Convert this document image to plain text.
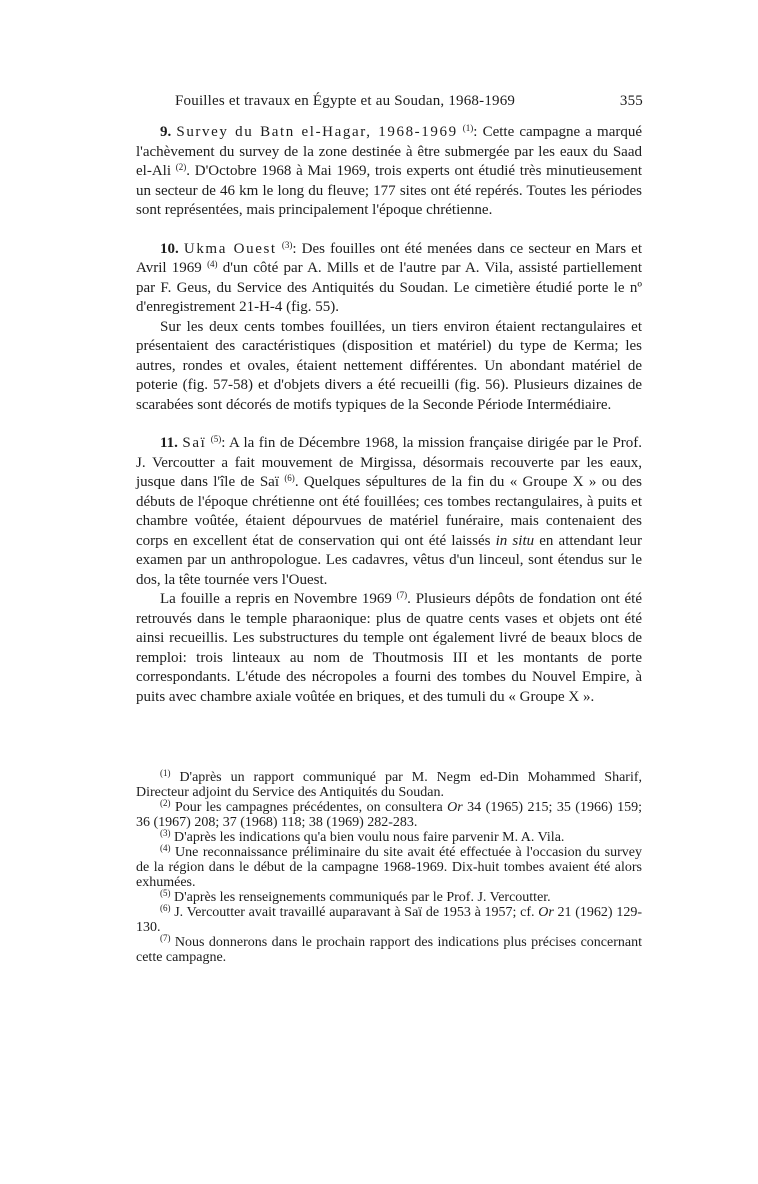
Fouilles et travaux en Égypte et au Soudan, 1968-1969	355

9. Survey du Batn el-Hagar, 1968-1969 $^{(1)}$: Cette campagne a marqué l'achèvement du survey de la zone destinée à être submergée par les eaux du Saad el-Ali $^{(2)}$. D'Octobre 1968 à Mai 1969, trois experts ont étudié très minutieusement un secteur de 46 km le long du fleuve; 177 sites ont été repérés. Toutes les périodes sont représentées, mais principalement l'époque chrétienne.

10. Ukma Ouest $^{(3)}$: Des fouilles ont été menées dans ce secteur en Mars et Avril 1969 $^{(4)}$ d'un côté par A. Mills et de l'autre par A. Vila, assisté partiellement par F. Geus, du Service des Antiquités du Soudan. Le cimetière étudié porte le nº d'enregistrement 21-H-4 (fig. 55).

Sur les deux cents tombes fouillées, un tiers environ étaient rectangulaires et présentaient des caractéristiques (disposition et matériel) du type de Kerma; les autres, rondes et ovales, étaient nettement différentes. Un abondant matériel de poterie (fig. 57-58) et d'objets divers a été recueilli (fig. 56). Plusieurs dizaines de scarabées sont décorés de motifs typiques de la Seconde Période Intermédiaire.

11. Saï $^{(5)}$: A la fin de Décembre 1968, la mission française dirigée par le Prof. J. Vercoutter a fait mouvement de Mirgissa, désormais recouverte par les eaux, jusque dans l'île de Saï $^{(6)}$. Quelques sépultures de la fin du « Groupe X » ou des débuts de l'époque chrétienne ont été fouillées; ces tombes rectangulaires, à puits et chambre voûtée, étaient dépourvues de matériel funéraire, mais contenaient des corps en excellent état de conservation qui ont été laissés in situ en attendant leur examen par un anthropologue. Les cadavres, vêtus d'un linceul, sont étendus sur le dos, la tête tournée vers l'Ouest.

La fouille a repris en Novembre 1969 $^{(7)}$. Plusieurs dépôts de fondation ont été retrouvés dans le temple pharaonique: plus de quatre cents vases et objets ont été ainsi recueillis. Les substructures du temple ont également livré de beaux blocs de remploi: trois linteaux au nom de Thoutmosis III et les montants de porte correspondants. L'étude des nécropoles a fourni des tombes du Nouvel Empire, à puits avec chambre axiale voûtée en briques, et des tumuli du « Groupe X ».

$^{(1)}$ D'après un rapport communiqué par M. Negm ed-Din Mohammed Sharif, Directeur adjoint du Service des Antiquités du Soudan.

$^{(2)}$ Pour les campagnes précédentes, on consultera Or 34 (1965) 215; 35 (1966) 159; 36 (1967) 208; 37 (1968) 118; 38 (1969) 282-283.

$^{(3)}$ D'après les indications qu'a bien voulu nous faire parvenir M. A. Vila.

$^{(4)}$ Une reconnaissance préliminaire du site avait été effectuée à l'occasion du survey de la région dans le début de la campagne 1968-1969. Dix-huit tombes avaient été alors exhumées.

$^{(5)}$ D'après les renseignements communiqués par le Prof. J. Vercoutter.

$^{(6)}$ J. Vercoutter avait travaillé auparavant à Saï de 1953 à 1957; cf. Or 21 (1962) 129-130.

$^{(7)}$ Nous donnerons dans le prochain rapport des indications plus précises concernant cette campagne.
